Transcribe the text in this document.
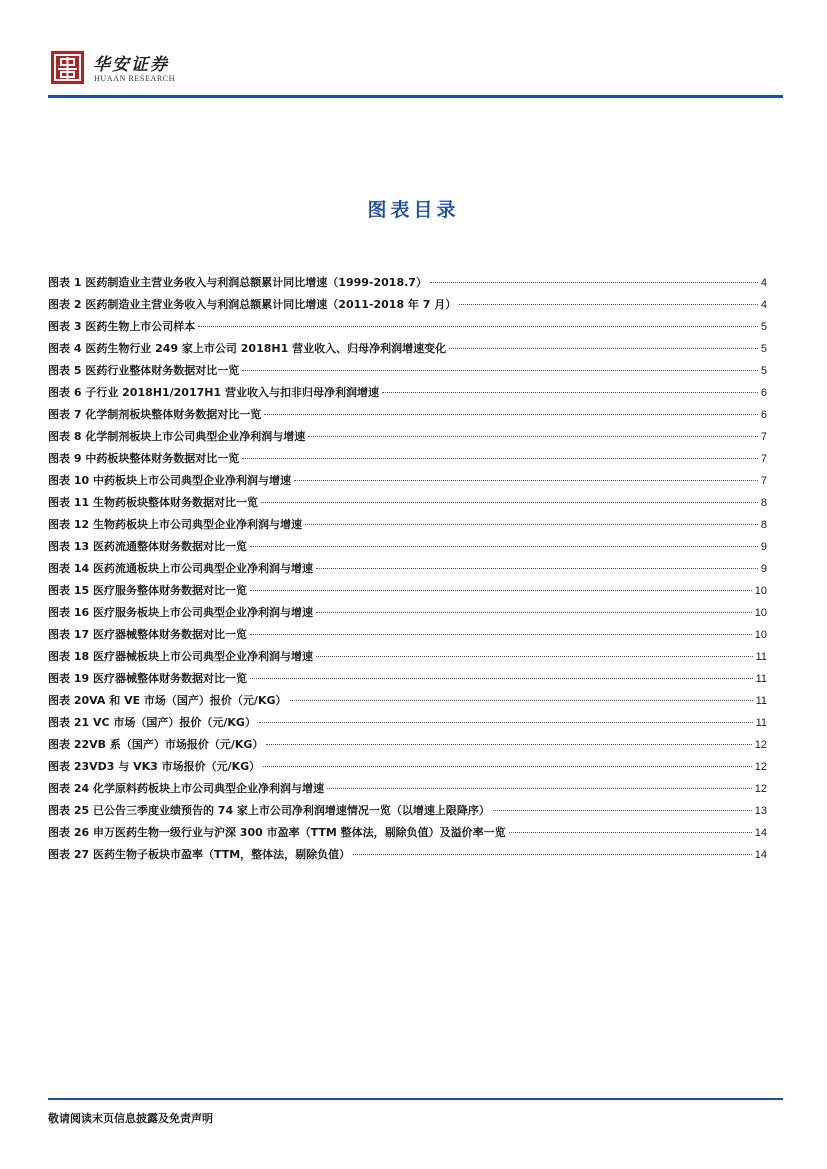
华安证券
HUAAN RESEARCH
图表目录
图表 1 医药制造业主营业务收入与利润总额累计同比增速（1999-2018.7）	4
图表 2 医药制造业主营业务收入与利润总额累计同比增速（2011-2018 年 7 月）	4
图表 3 医药生物上市公司样本	5
图表 4 医药生物行业 249 家上市公司 2018H1 营业收入、归母净利润增速变化	5
图表 5 医药行业整体财务数据对比一览	5
图表 6 子行业 2018H1/2017H1 营业收入与扣非归母净利润增速	6
图表 7 化学制剂板块整体财务数据对比一览	6
图表 8 化学制剂板块上市公司典型企业净利润与增速	7
图表 9 中药板块整体财务数据对比一览	7
图表 10 中药板块上市公司典型企业净利润与增速	7
图表 11 生物药板块整体财务数据对比一览	8
图表 12 生物药板块上市公司典型企业净利润与增速	8
图表 13 医药流通整体财务数据对比一览	9
图表 14 医药流通板块上市公司典型企业净利润与增速	9
图表 15 医疗服务整体财务数据对比一览	10
图表 16 医疗服务板块上市公司典型企业净利润与增速	10
图表 17 医疗器械整体财务数据对比一览	10
图表 18 医疗器械板块上市公司典型企业净利润与增速	11
图表 19 医疗器械整体财务数据对比一览	11
图表 20VA 和 VE 市场（国产）报价（元/KG）	11
图表 21 VC 市场（国产）报价（元/KG）	11
图表 22VB 系（国产）市场报价（元/KG）	12
图表 23VD3 与 VK3 市场报价（元/KG）	12
图表 24 化学原料药板块上市公司典型企业净利润与增速	12
图表 25 已公告三季度业绩预告的 74 家上市公司净利润增速情况一览（以增速上限降序）	13
图表 26 申万医药生物一级行业与沪深 300 市盈率（TTM 整体法，剔除负值）及溢价率一览	14
图表 27 医药生物子板块市盈率（TTM，整体法，剔除负值）	14
敬请阅读末页信息披露及免责声明
